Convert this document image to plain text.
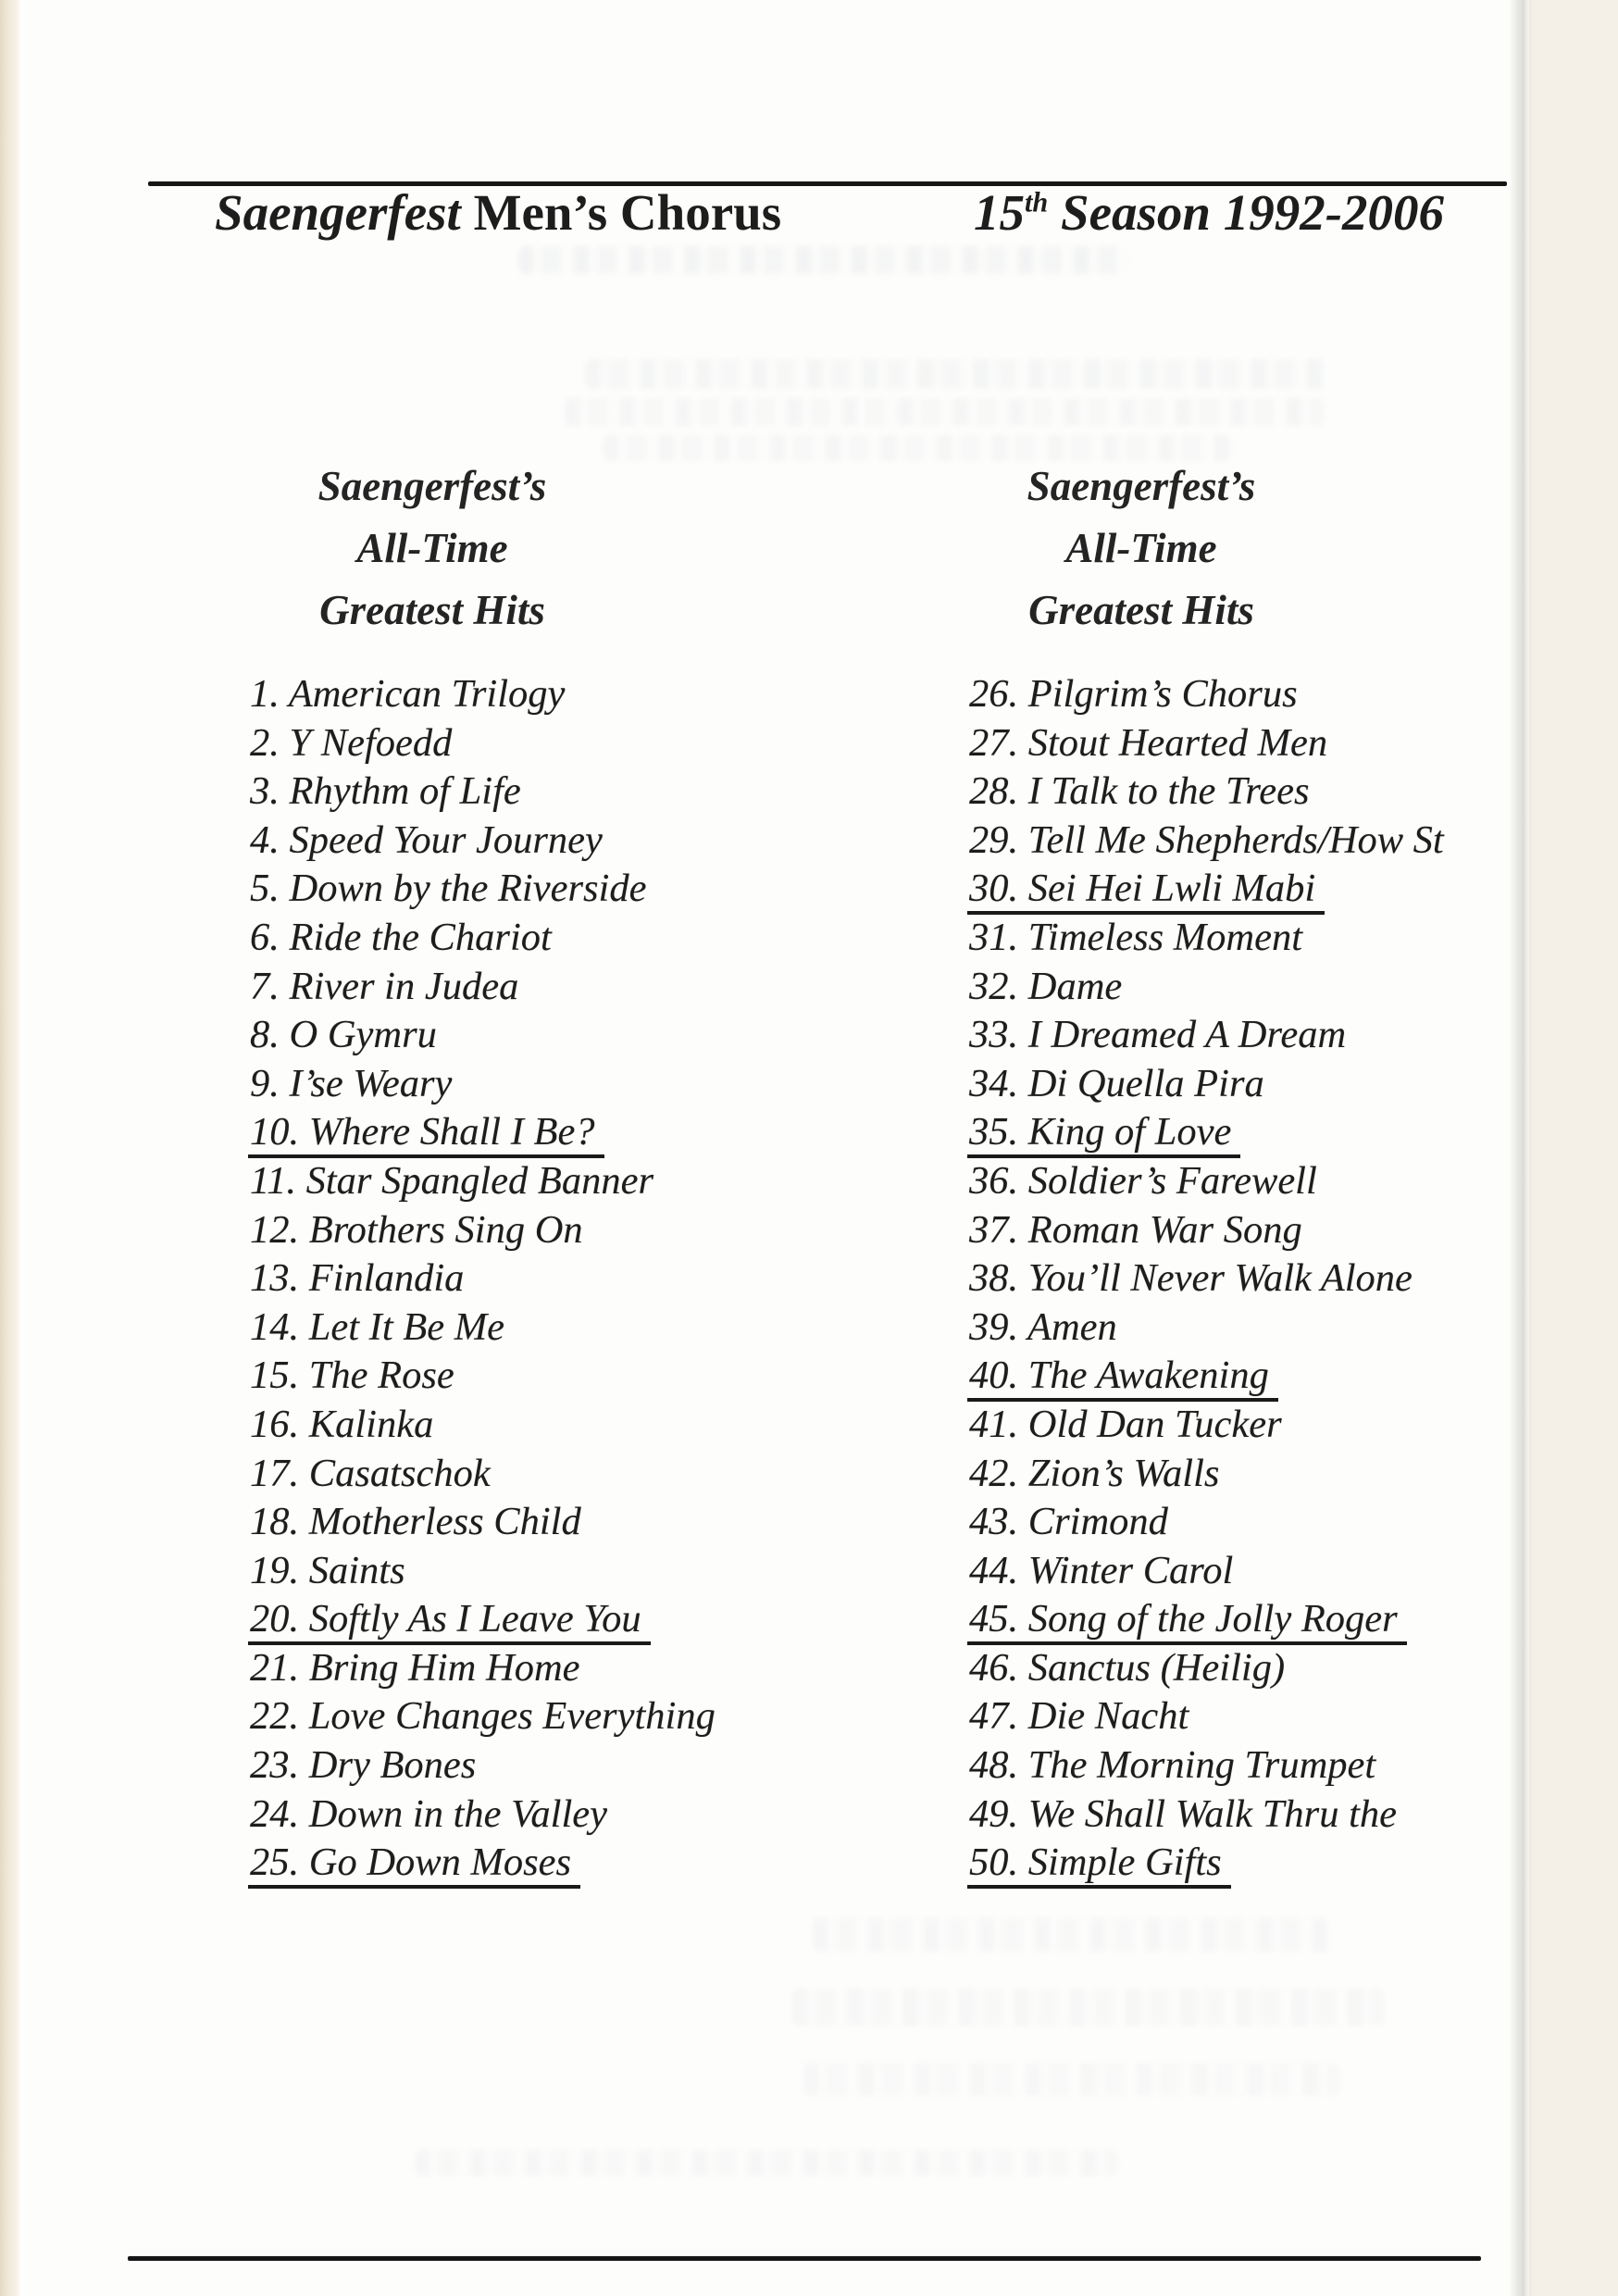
Saengerfest Men’s Chorus	15th Season 1992-2006
Saengerfest’s
All-Time
Greatest Hits
Saengerfest’s
All-Time
Greatest Hits
1. American Trilogy
2. Y Nefoedd
3. Rhythm of Life
4. Speed Your Journey
5. Down by the Riverside
6. Ride the Chariot
7. River in Judea
8. O Gymru
9. I’se Weary
10. Where Shall I Be?
11. Star Spangled Banner
12. Brothers Sing On
13. Finlandia
14. Let It Be Me
15. The Rose
16. Kalinka
17. Casatschok
18. Motherless Child
19. Saints
20. Softly As I Leave You
21. Bring Him Home
22. Love Changes Everything
23. Dry Bones
24. Down in the Valley
25. Go Down Moses
26. Pilgrim’s Chorus
27. Stout Hearted Men
28. I Talk to the Trees
29. Tell Me Shepherds/How St
30. Sei Hei Lwli Mabi
31. Timeless Moment
32. Dame
33. I Dreamed A Dream
34. Di Quella Pira
35. King of Love
36. Soldier’s Farewell
37. Roman War Song
38. You’ll Never Walk Alone
39. Amen
40. The Awakening
41. Old Dan Tucker
42. Zion’s Walls
43. Crimond
44. Winter Carol
45. Song of the Jolly Roger
46. Sanctus (Heilig)
47. Die Nacht
48. The Morning Trumpet
49. We Shall Walk Thru the
50. Simple Gifts
